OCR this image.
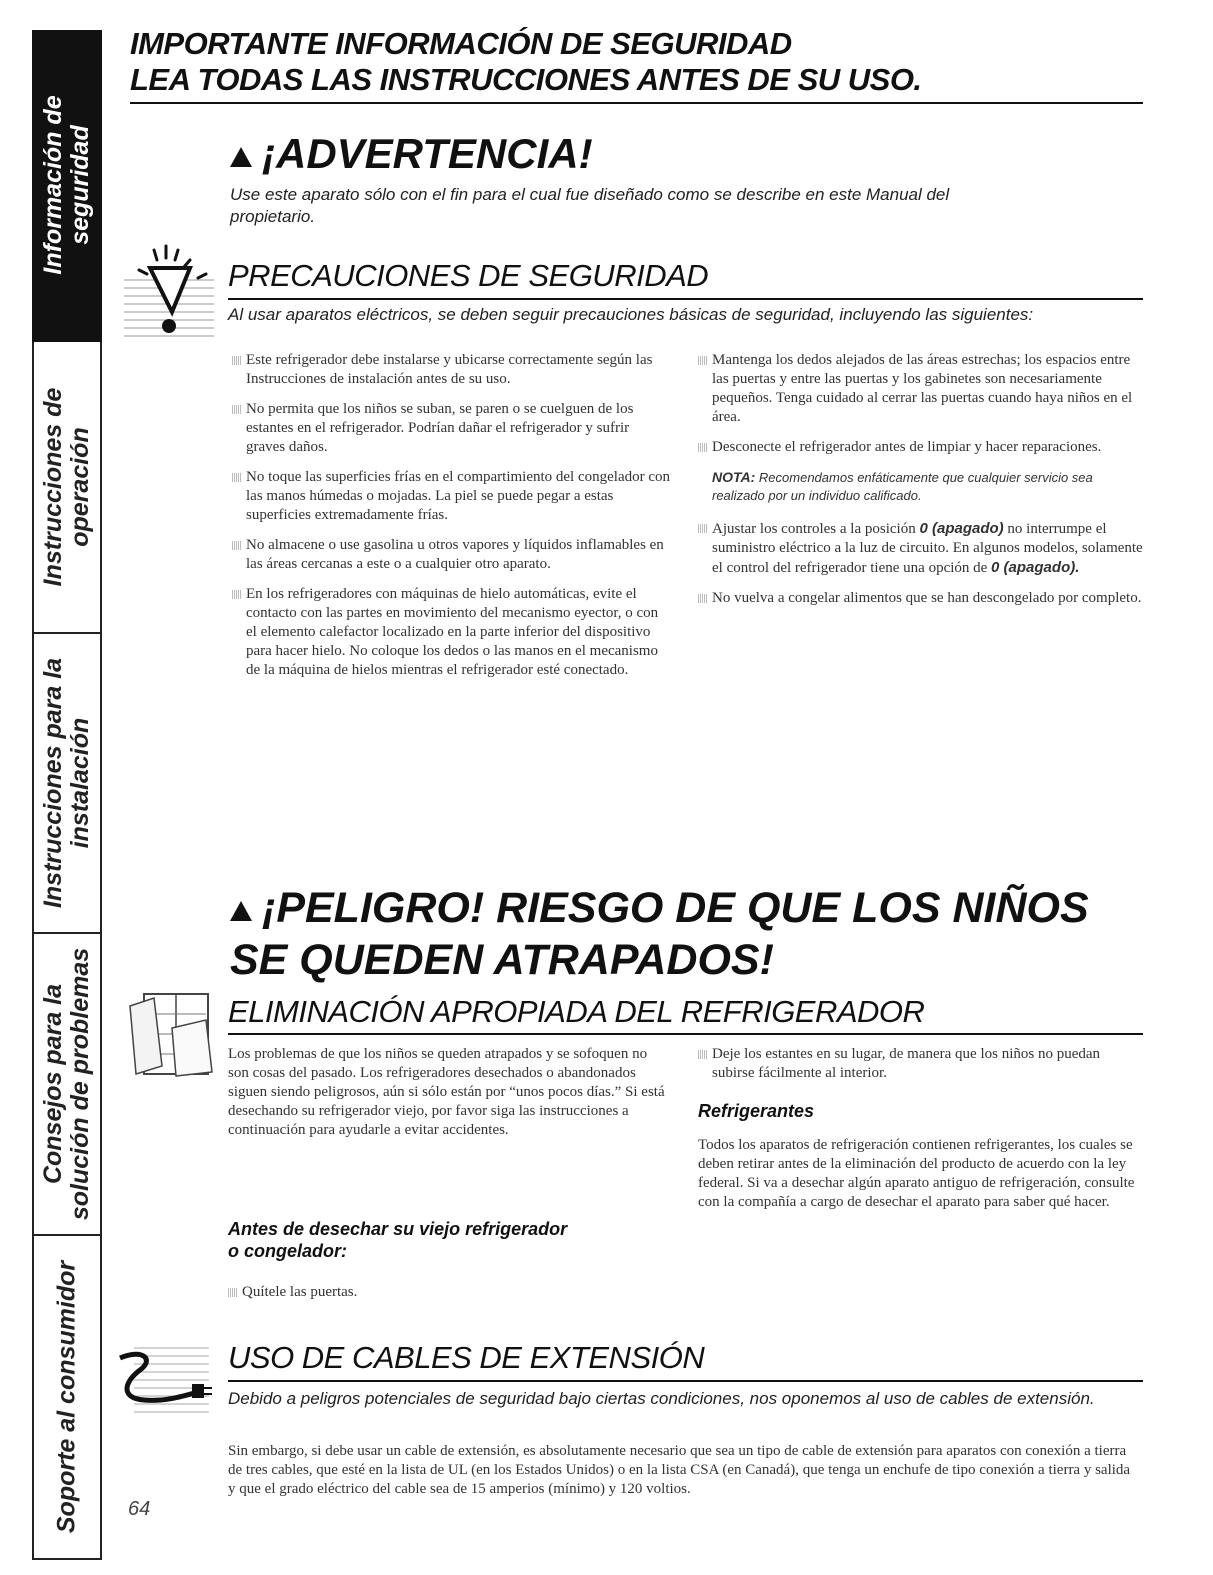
Información de seguridad
Instrucciones de operación
Instrucciones para la instalación
Consejos para la solución de problemas
Soporte al consumidor
IMPORTANTE INFORMACIÓN DE SEGURIDAD
LEA TODAS LAS INSTRUCCIONES ANTES DE SU USO.
¡ADVERTENCIA!
Use este aparato sólo con el fin para el cual fue diseñado como se describe en este Manual del propietario.
PRECAUCIONES DE SEGURIDAD
Al usar aparatos eléctricos, se deben seguir precauciones básicas de seguridad, incluyendo las siguientes:
Este refrigerador debe instalarse y ubicarse correctamente según las Instrucciones de instalación antes de su uso.
No permita que los niños se suban, se paren o se cuelguen de los estantes en el refrigerador. Podrían dañar el refrigerador y sufrir graves daños.
No toque las superficies frías en el compartimiento del congelador con las manos húmedas o mojadas. La piel se puede pegar a estas superficies extremadamente frías.
No almacene o use gasolina u otros vapores y líquidos inflamables en las áreas cercanas a este o a cualquier otro aparato.
En los refrigeradores con máquinas de hielo automáticas, evite el contacto con las partes en movimiento del mecanismo eyector, o con el elemento calefactor localizado en la parte inferior del dispositivo para hacer hielo. No coloque los dedos o las manos en el mecanismo de la máquina de hielos mientras el refrigerador esté conectado.
Mantenga los dedos alejados de las áreas estrechas; los espacios entre las puertas y entre las puertas y los gabinetes son necesariamente pequeños. Tenga cuidado al cerrar las puertas cuando haya niños en el área.
Desconecte el refrigerador antes de limpiar y hacer reparaciones.
NOTA: Recomendamos enfáticamente que cualquier servicio sea realizado por un individuo calificado.
Ajustar los controles a la posición 0 (apagado) no interrumpe el suministro eléctrico a la luz de circuito. En algunos modelos, solamente el control del refrigerador tiene una opción de 0 (apagado).
No vuelva a congelar alimentos que se han descongelado por completo.
¡PELIGRO! RIESGO DE QUE LOS NIÑOS
SE QUEDEN ATRAPADOS!
ELIMINACIÓN APROPIADA DEL REFRIGERADOR
Los problemas de que los niños se queden atrapados y se sofoquen no son cosas del pasado. Los refrigeradores desechados o abandonados siguen siendo peligrosos, aún si sólo están por “unos pocos días.” Si está desechando su refrigerador viejo, por favor siga las instrucciones a continuación para ayudarle a evitar accidentes.
Antes de desechar su viejo refrigerador
o congelador:
Quítele las puertas.
Deje los estantes en su lugar, de manera que los niños no puedan subirse fácilmente al interior.
Refrigerantes
Todos los aparatos de refrigeración contienen refrigerantes, los cuales se deben retirar antes de la eliminación del producto de acuerdo con la ley federal. Si va a desechar algún aparato antiguo de refrigeración, consulte con la compañía a cargo de desechar el aparato para saber qué hacer.
USO DE CABLES DE EXTENSIÓN
Debido a peligros potenciales de seguridad bajo ciertas condiciones, nos oponemos al uso de cables de extensión.
Sin embargo, si debe usar un cable de extensión, es absolutamente necesario que sea un tipo de cable de extensión para aparatos con conexión a tierra de tres cables, que esté en la lista de UL (en los Estados Unidos) o en la lista CSA (en Canadá), que tenga un enchufe de tipo conexión a tierra y salida y que el grado eléctrico del cable sea de 15 amperios (mínimo) y 120 voltios.
64
